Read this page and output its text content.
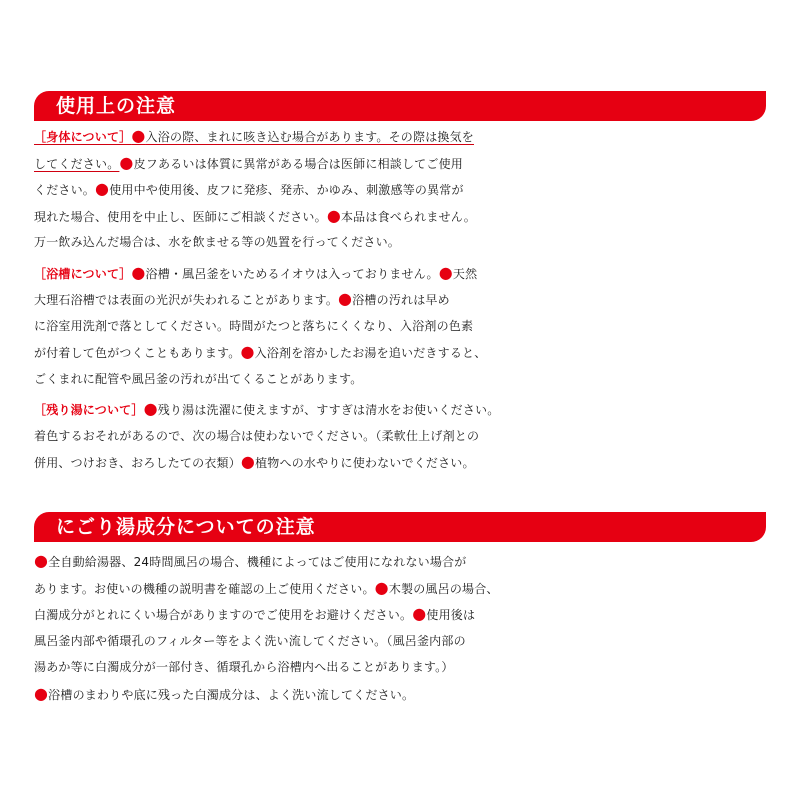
使用上の注意
［身体について］●入浴の際、まれに咳き込む場合があります。その際は換気を
してください。●皮フあるいは体質に異常がある場合は医師に相談してご使用
ください。●使用中や使用後、皮フに発疹、発赤、かゆみ、刺激感等の異常が
現れた場合、使用を中止し、医師にご相談ください。●本品は食べられません。
万一飲み込んだ場合は、水を飲ませる等の処置を行ってください。
［浴槽について］●浴槽・風呂釜をいためるイオウは入っておりません。●天然
大理石浴槽では表面の光沢が失われることがあります。●浴槽の汚れは早め
に浴室用洗剤で落としてください。時間がたつと落ちにくくなり、入浴剤の色素
が付着して色がつくこともあります。●入浴剤を溶かしたお湯を追いだきすると、
ごくまれに配管や風呂釜の汚れが出てくることがあります。
［残り湯について］●残り湯は洗濯に使えますが、すすぎは清水をお使いください。
着色するおそれがあるので、次の場合は使わないでください。（柔軟仕上げ剤との
併用、つけおき、おろしたての衣類）●植物への水やりに使わないでください。
にごり湯成分についての注意
●全自動給湯器、24時間風呂の場合、機種によってはご使用になれない場合が
あります。お使いの機種の説明書を確認の上ご使用ください。●木製の風呂の場合、
白濁成分がとれにくい場合がありますのでご使用をお避けください。●使用後は
風呂釜内部や循環孔のフィルター等をよく洗い流してください。（風呂釜内部の
湯あか等に白濁成分が一部付き、循環孔から浴槽内へ出ることがあります。）
●浴槽のまわりや底に残った白濁成分は、よく洗い流してください。
